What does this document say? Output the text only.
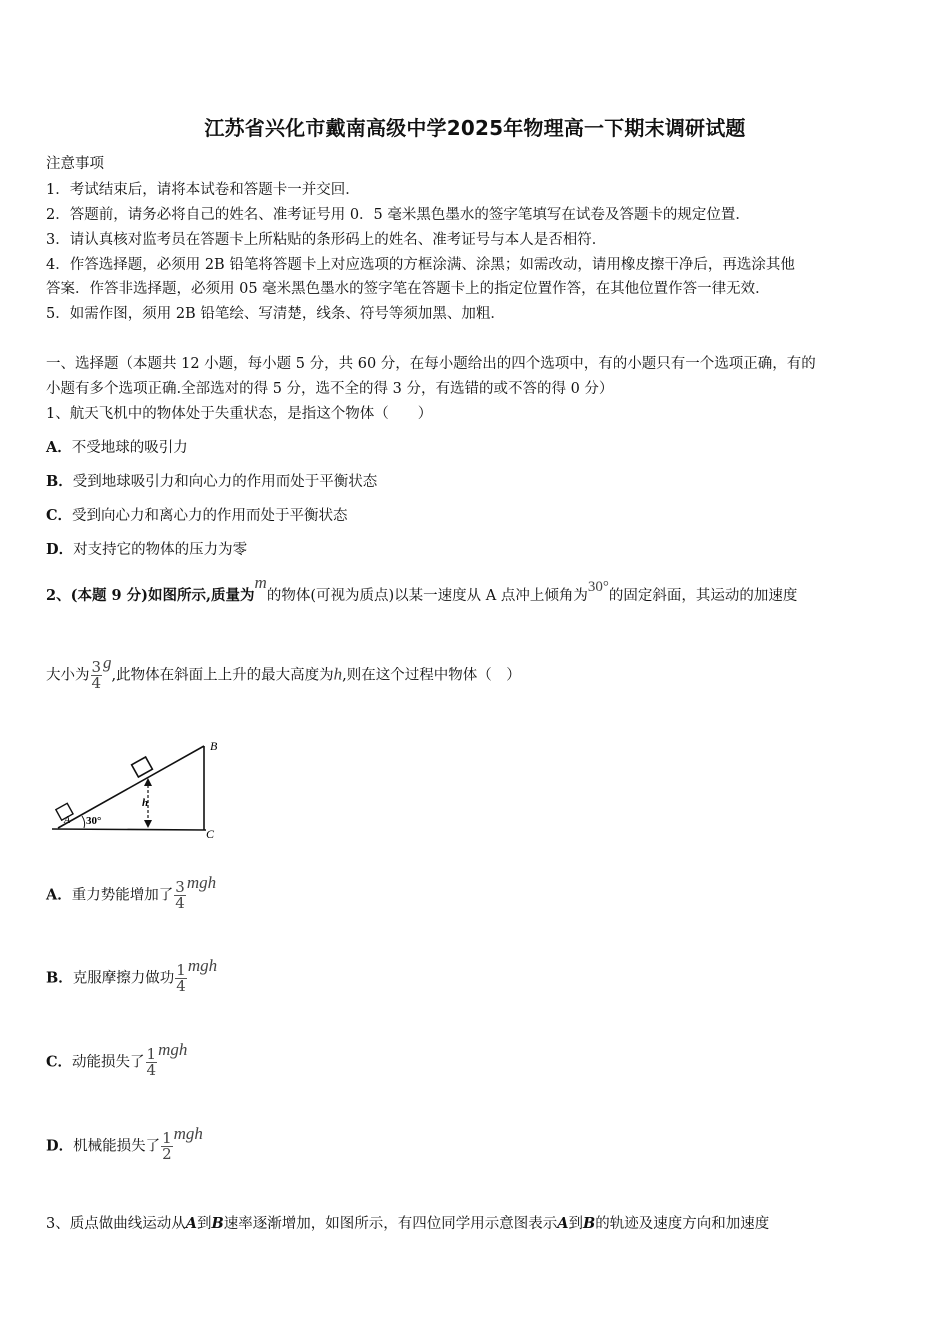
江苏省兴化市戴南高级中学2025年物理高一下期末调研试题
注意事项
1．考试结束后，请将本试卷和答题卡一并交回．
2．答题前，请务必将自己的姓名、准考证号用 0．5 毫米黑色墨水的签字笔填写在试卷及答题卡的规定位置．
3．请认真核对监考员在答题卡上所粘贴的条形码上的姓名、准考证号与本人是否相符．
4．作答选择题，必须用 2B 铅笔将答题卡上对应选项的方框涂满、涂黑；如需改动，请用橡皮擦干净后，再选涂其他
答案．作答非选择题，必须用 05 毫米黑色墨水的签字笔在答题卡上的指定位置作答，在其他位置作答一律无效．
5．如需作图，须用 2B 铅笔绘、写清楚，线条、符号等须加黑、加粗．
一、选择题（本题共 12 小题，每小题 5 分，共 60 分，在每小题给出的四个选项中，有的小题只有一个选项正确，有的
小题有多个选项正确.全部选对的得 5 分，选不全的得 3 分，有选错的或不答的得 0 分）
1、航天飞机中的物体处于失重状态，是指这个物体（　　）
A．不受地球的吸引力
B．受到地球吸引力和向心力的作用而处于平衡状态
C．受到向心力和离心力的作用而处于平衡状态
D．对支持它的物体的压力为零
2、(本题 9 分)如图所示,质量为m的物体(可视为质点)以某一速度从 A 点冲上倾角为30°的固定斜面，其运动的加速度
大小为 $\frac{3}{4} g$,此物体在斜面上上升的最大高度为h,则在这个过程中物体（　）
h
B
C
A 30°
A．重力势能增加了 $\frac{3}{4}$ mgh
B．克服摩擦力做功 $\frac{1}{4}$ mgh
C．动能损失了 $\frac{1}{4}$ mgh
D．机械能损失了 $\frac{1}{2}$ mgh
3、质点做曲线运动从A到B速率逐渐增加，如图所示，有四位同学用示意图表示A到B的轨迹及速度方向和加速度
